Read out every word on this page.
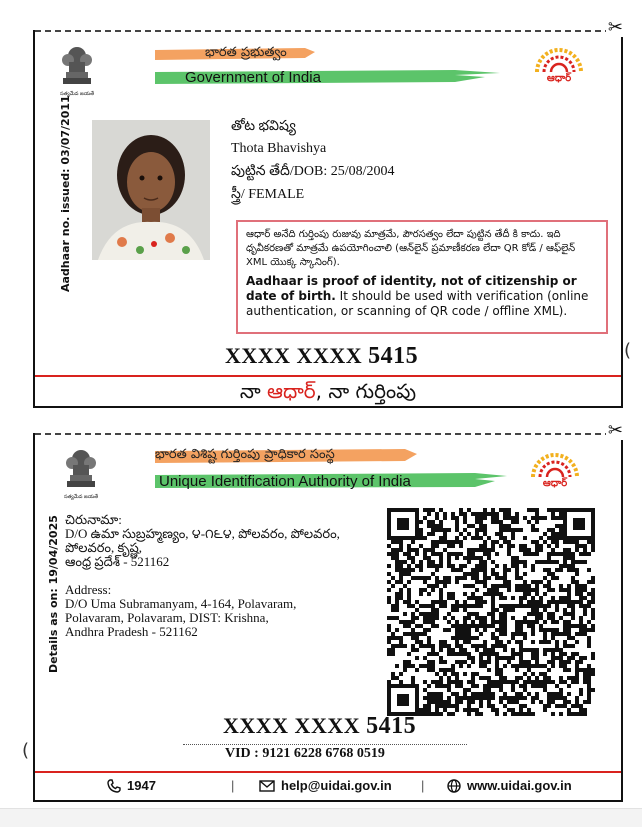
✂
సత్యమేవ జయతే
భారత ప్రభుత్వం
Government of India	ఆధార్
Aadhaar no. issued: 03/07/2011	తోట భవిష్య
Thota Bhavishya
పుట్టిన తేదీ/DOB: 25/08/2004
స్త్రీ/ FEMALE
ఆధార్ అనేది గుర్తింపు రుజువు మాత్రమే, పౌరసత్వం లేదా పుట్టిన తేదీ కి కాదు. ఇది ధృవీకరణతో మాత్రమే ఉపయోగించాలి (ఆన్‌లైన్ ప్రమాణీకరణ లేదా QR కోడ్ / ఆఫ్‌లైన్ XML యొక్క స్కానింగ్).
Aadhaar is proof of identity, not of citizenship or date of birth. It should be used with verification (online authentication, or scanning of QR code / offline XML).
XXXX XXXX 5415
నా ఆధార్, నా గుర్తింపు
✂
సత్యమేవ జయతే
భారత విశిష్ట గుర్తింపు ప్రాధికార సంస్థ
Unique Identification Authority of India	ఆధార్
Details as on: 19/04/2025 చిరునామా:
D/O ఉమా సుబ్రహ్మణ్యం, ౪-౧౬౪, పోలవరం, పోలవరం,
పోలవరం, కృష్ణ,
ఆంధ్ర ప్రదేశ్ - 521162
Address:
D/O Uma Subramanyam, 4-164, Polavaram,
Polavaram, Polavaram, DIST: Krishna,
Andhra Pradesh - 521162
XXXX XXXX 5415
VID : 9121 6228 6768 0519
1947	|	help@uidai.gov.in |	www.uidai.gov.in
(
(
